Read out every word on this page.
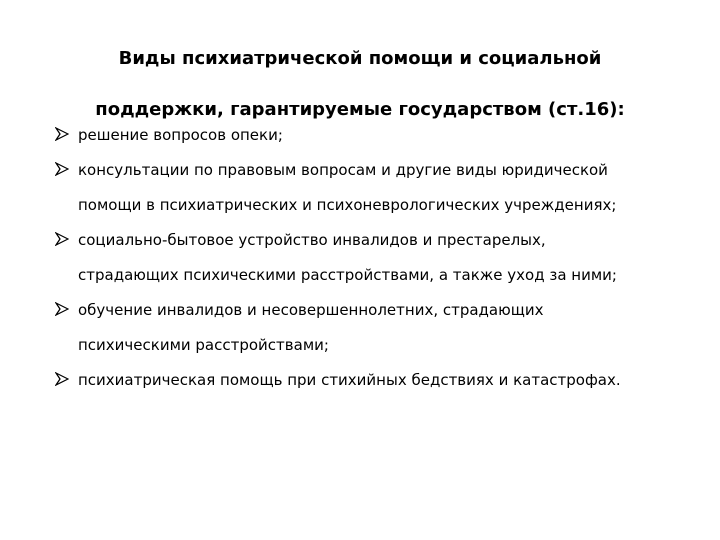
Виды психиатрической помощи и социальной
поддержки, гарантируемые государством (ст.16):
решение вопросов опеки;
консультации по правовым вопросам и другие виды юридической
помощи в психиатрических и психоневрологических учреждениях;
социально-бытовое устройство инвалидов и престарелых,
страдающих психическими расстройствами, а также уход за ними;
обучение инвалидов и несовершеннолетних, страдающих
психическими расстройствами;
психиатрическая помощь при стихийных бедствиях и катастрофах.
